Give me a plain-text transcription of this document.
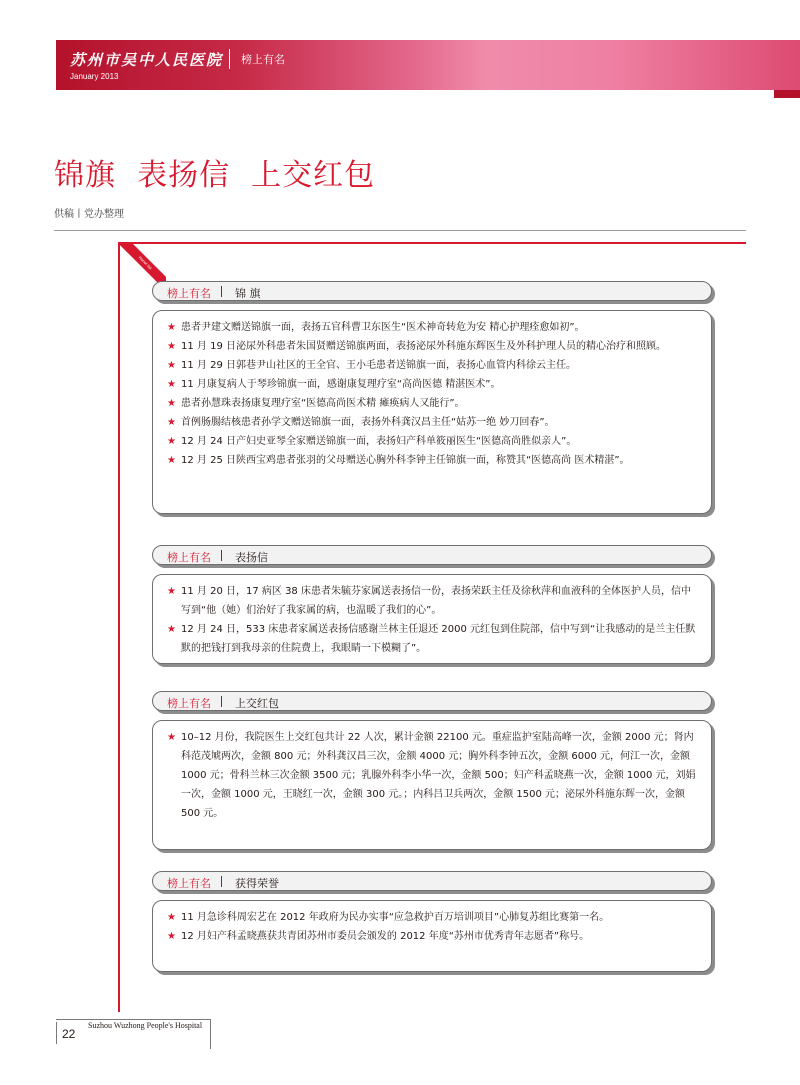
苏州市吴中人民医院 榜上有名
January 2013
锦旗  表扬信  上交红包
供稿丨党办整理
Honor list
榜上有名 锦 旗
★ 患者尹建文赠送锦旗一面，表扬五官科曹卫东医生“医术神奇转危为安 精心护理痊愈如初”。

★ 11 月 19 日泌尿外科患者朱国贤赠送锦旗两面，表扬泌尿外科施东辉医生及外科护理人员的精心治疗和照顾。

★ 11 月 29 日郭巷尹山社区的王全官、王小毛患者送锦旗一面，表扬心血管内科徐云主任。

★ 11 月康复病人于琴珍锦旗一面，感谢康复理疗室“高尚医德 精湛医术”。

★ 患者孙慧珠表扬康复理疗室“医德高尚医术精 瘫痪病人又能行”。

★ 首例肠腸结核患者孙学文赠送锦旗一面，表扬外科龚汉昌主任“姑苏一绝 妙刀回春”。

★ 12 月 24 日产妇史亚琴全家赠送锦旗一面，表扬妇产科单筱丽医生“医德高尚胜似亲人”。

★ 12 月 25 日陕西宝鸡患者张羽的父母赠送心胸外科李钟主任锦旗一面，称赞其“医德高尚 医术精湛”。

榜上有名 表扬信
★ 11 月 20 日，17 病区 38 床患者朱毓芬家属送表扬信一份，表扬荣跃主任及徐秋萍和血液科的全体医护人员，信中写到“他（她）们治好了我家属的病，也温暖了我们的心”。

★ 12 月 24 日，533 床患者家属送表扬信感谢兰林主任退还 2000 元红包到住院部，信中写到“让我感动的是兰主任默默的把钱打到我母亲的住院费上，我眼睛一下模糊了”。

榜上有名 上交红包
★ 10–12 月份，我院医生上交红包共计 22 人次，累计金额 22100 元。重症监护室陆高峰一次，金额 2000 元；肾内科范茂虓两次，金额 800 元；外科龚汉昌三次，金额 4000 元；胸外科李钟五次，金额 6000 元，何江一次，金额 1000 元；骨科兰林三次金额 3500 元；乳腺外科李小华一次，金额 500；妇产科孟晓燕一次，金额 1000 元，刘娟一次，金额 1000 元，王晓红一次，金额 300 元。；内科吕卫兵两次，金额 1500 元；泌尿外科施东辉一次，金额 500 元。

榜上有名 获得荣誉
★ 11 月急诊科周宏艺在 2012 年政府为民办实事“应急救护百万培训项目”心肺复苏组比赛第一名。

★ 12 月妇产科孟晓燕获共青团苏州市委员会颁发的 2012 年度“苏州市优秀青年志愿者”称号。

Suzhou Wuzhong People's Hospital
22
